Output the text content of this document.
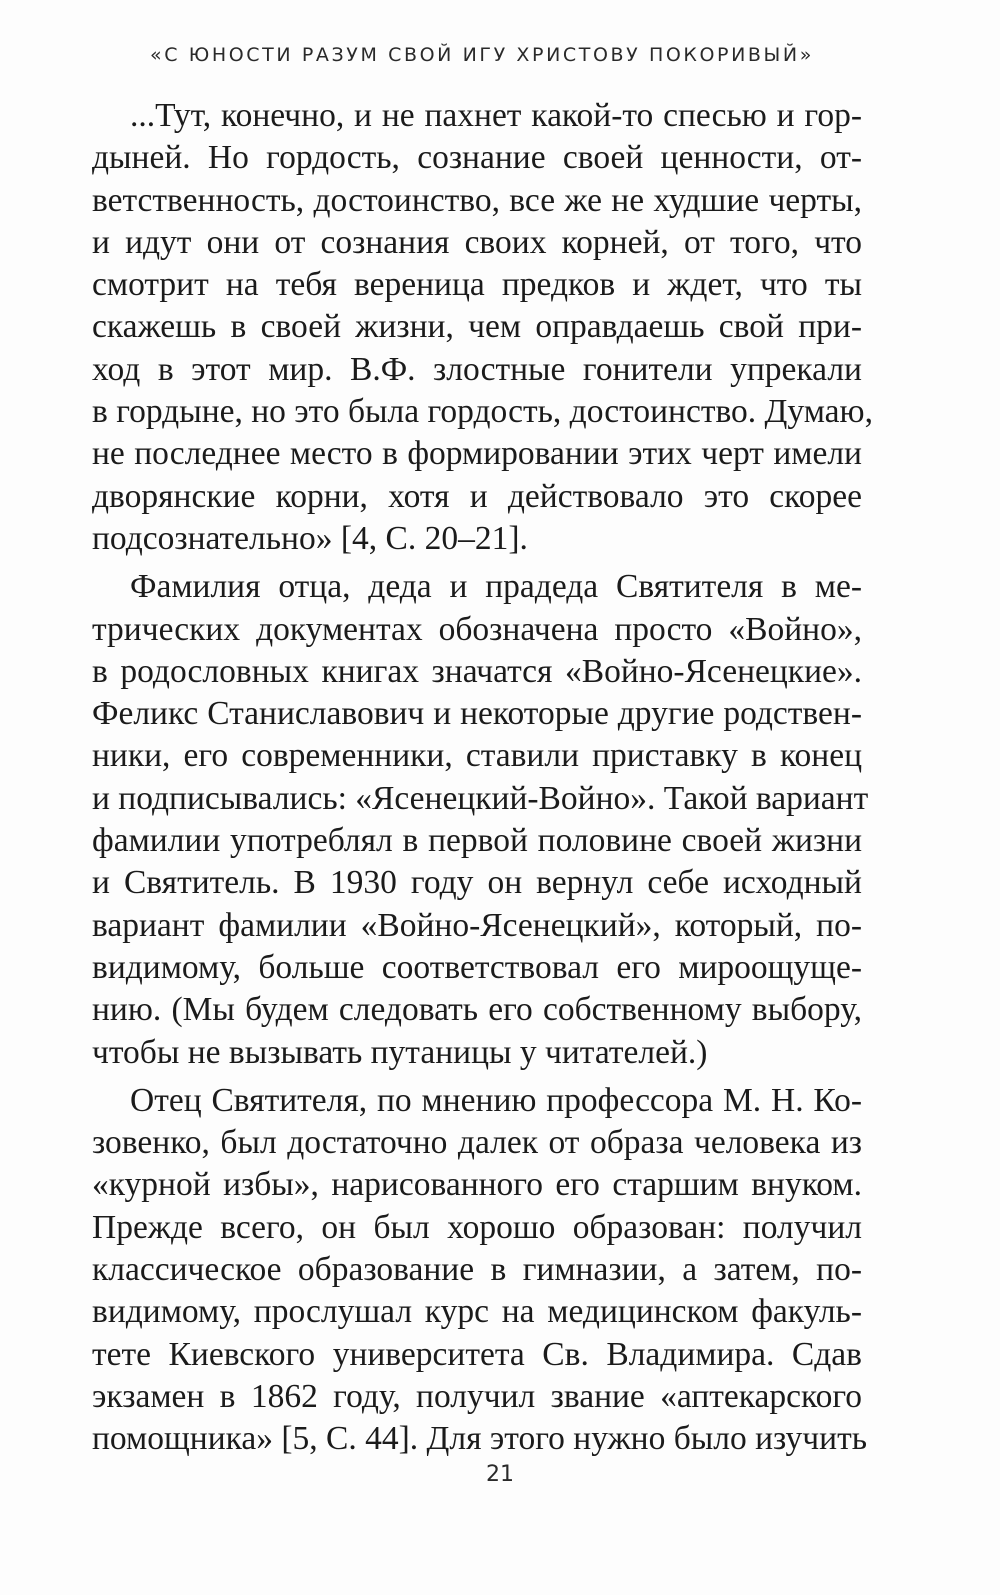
«С ЮНОСТИ РАЗУМ СВОЙ ИГУ ХРИСТОВУ ПОКОРИВЫЙ»
...Тут, конечно, и не пахнет какой-то спесью и гор-
дыней. Но гордость, сознание своей ценности, от-
ветственность, достоинство, все же не худшие черты,
и идут они от сознания своих корней, от того, что
смотрит на тебя вереница предков и ждет, что ты
скажешь в своей жизни, чем оправдаешь свой при-
ход в этот мир. В.Ф. злостные гонители упрекали
в гордыне, но это была гордость, достоинство. Думаю,
не последнее место в формировании этих черт имели
дворянские корни, хотя и действовало это скорее
подсознательно» [4, С. 20–21].
Фамилия отца, деда и прадеда Святителя в ме-
трических документах обозначена просто «Войно»,
в родословных книгах значатся «Войно-Ясенецкие».
Феликс Станиславович и некоторые другие родствен-
ники, его современники, ставили приставку в конец
и подписывались: «Ясенецкий-Войно». Такой вариант
фамилии употреблял в первой половине своей жизни
и Святитель. В 1930 году он вернул себе исходный
вариант фамилии «Войно-Ясенецкий», который, по-
видимому, больше соответствовал его мироощуще-
нию. (Мы будем следовать его собственному выбору,
чтобы не вызывать путаницы у читателей.)
Отец Святителя, по мнению профессора М. Н. Ко-
зовенко, был достаточно далек от образа человека из
«курной избы», нарисованного его старшим внуком.
Прежде всего, он был хорошо образован: получил
классическое образование в гимназии, а затем, по-
видимому, прослушал курс на медицинском факуль-
тете Киевского университета Св. Владимира. Сдав
экзамен в 1862 году, получил звание «аптекарского
помощника» [5, С. 44]. Для этого нужно было изучить
21
